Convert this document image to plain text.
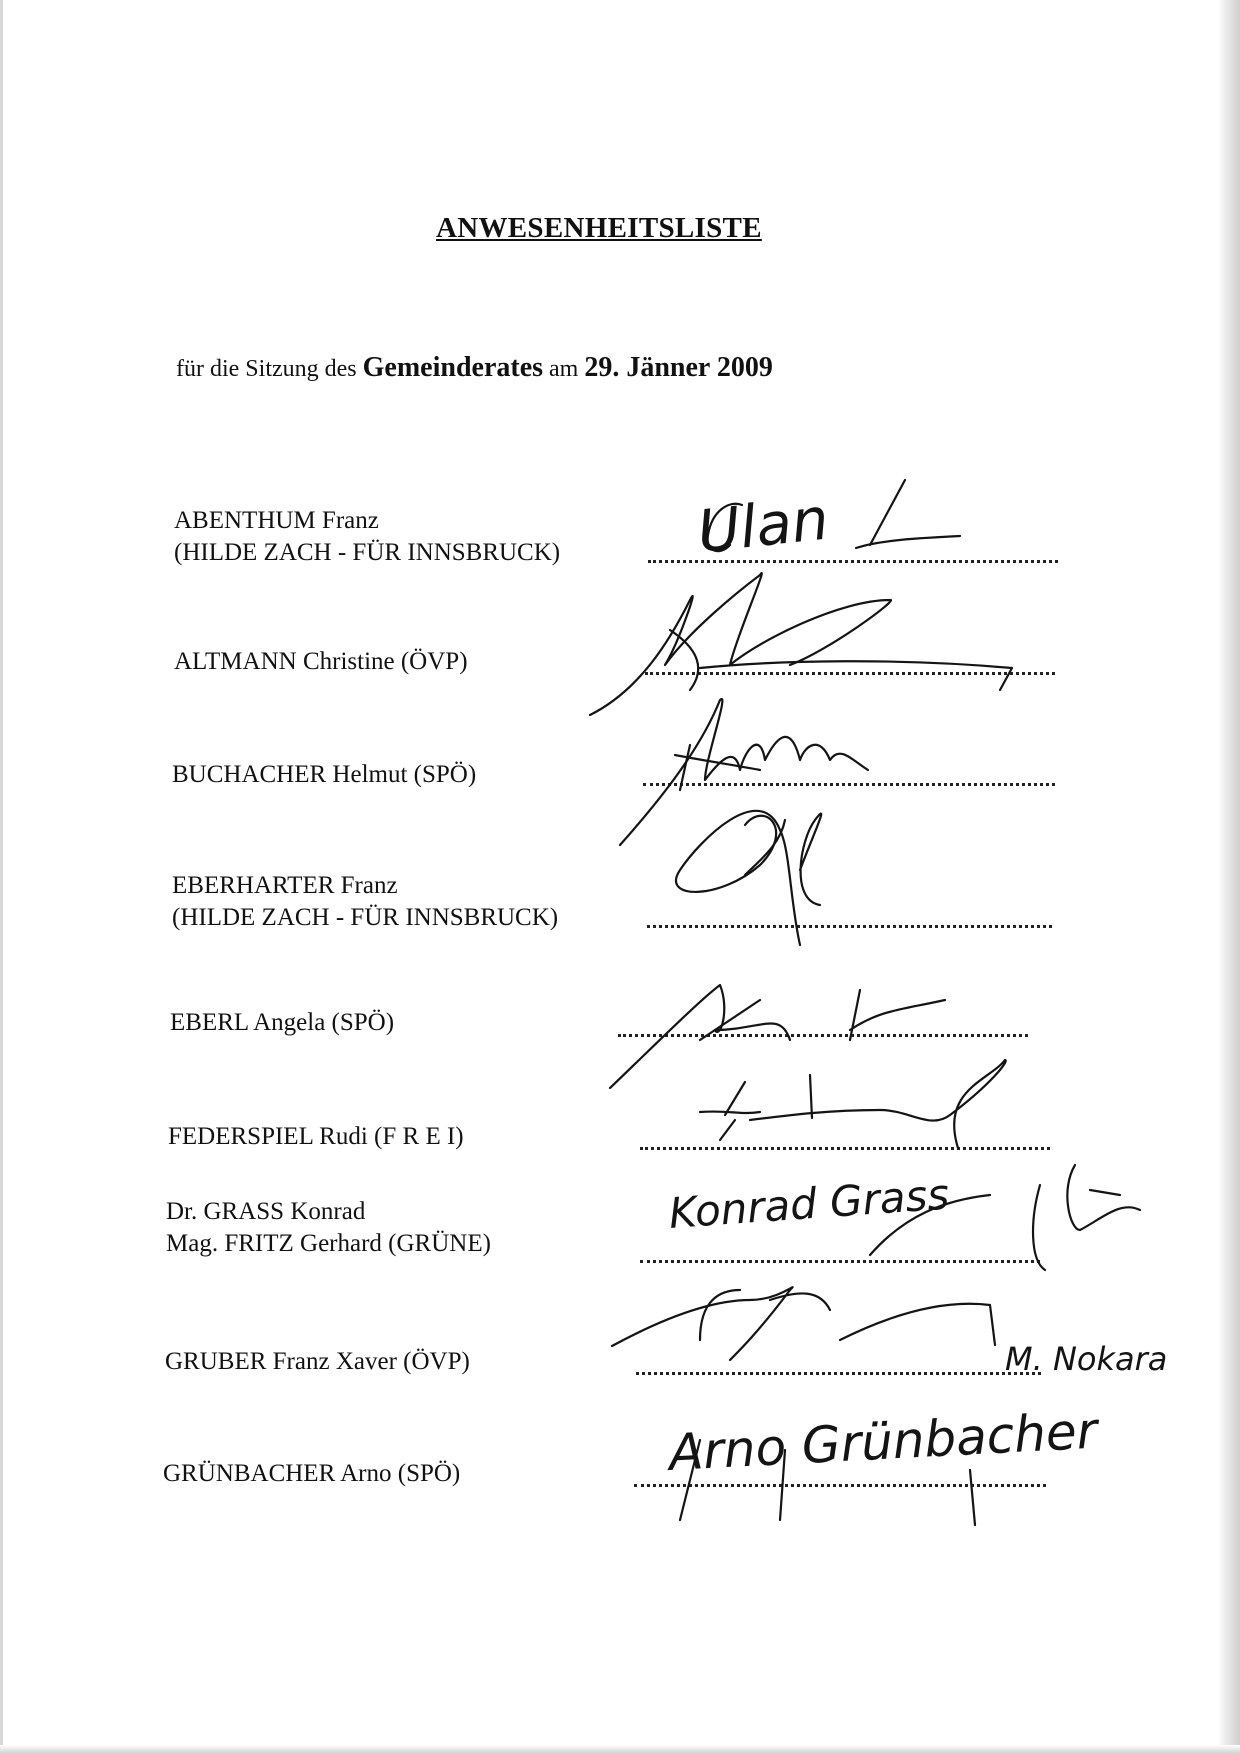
ANWESENHEITSLISTE
für die Sitzung des Gemeinderates am 29. Jänner 2009
ABENTHUM Franz
(HILDE ZACH - FÜR INNSBRUCK)
ALTMANN Christine (ÖVP)
BUCHACHER Helmut (SPÖ)
EBERHARTER Franz
(HILDE ZACH - FÜR INNSBRUCK)
EBERL Angela (SPÖ)
FEDERSPIEL Rudi (F R E I)
Dr. GRASS Konrad
Mag. FRITZ Gerhard (GRÜNE)
GRUBER Franz Xaver (ÖVP)
GRÜNBACHER Arno (SPÖ)
Ulan
Konrad Grass
M. Nokara
Arno Grünbacher
